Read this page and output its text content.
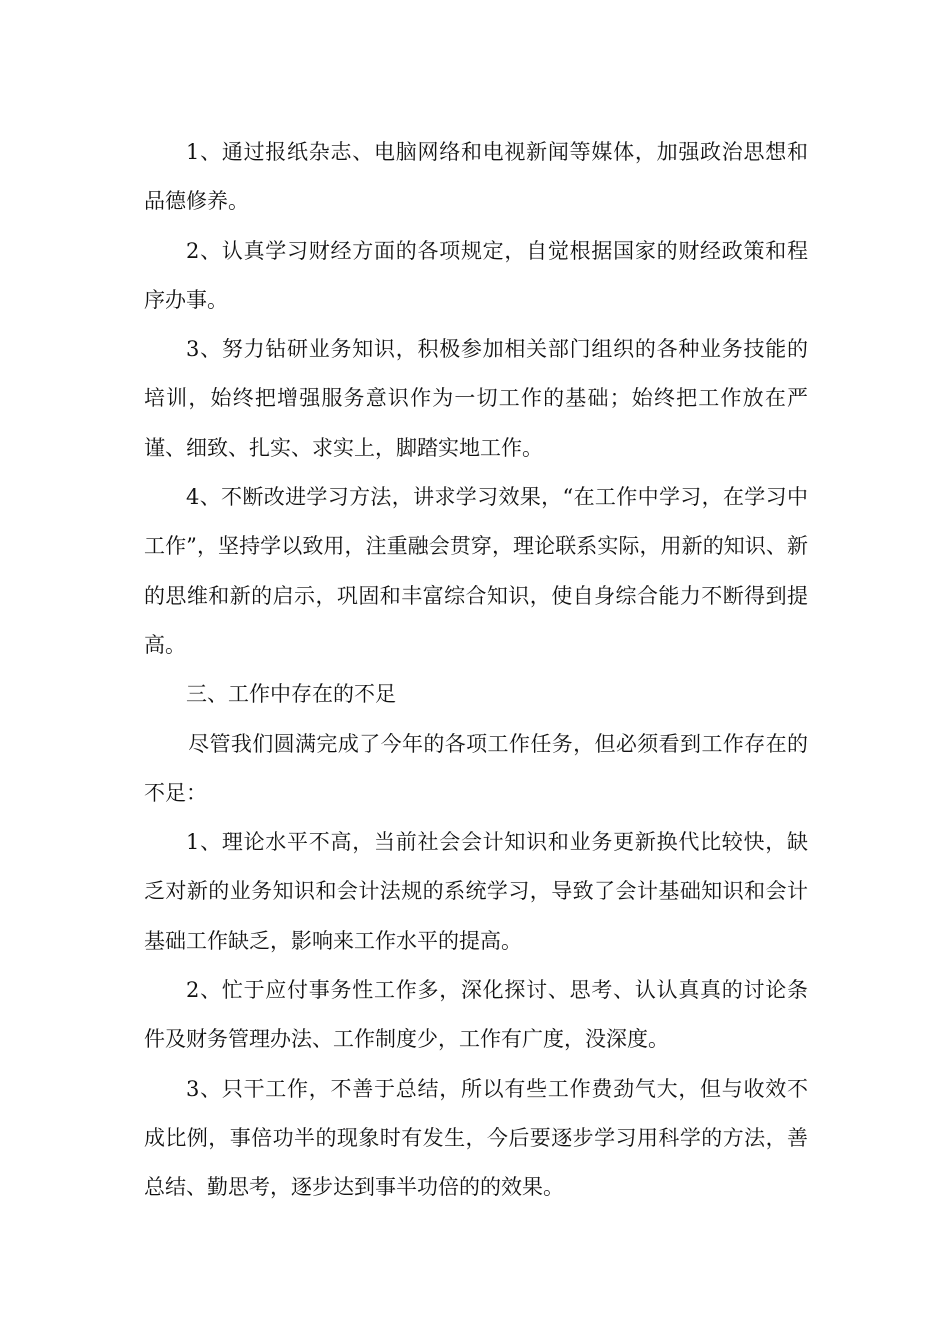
1、通过报纸杂志、电脑网络和电视新闻等媒体，加强政治思想和品德修养。

2、认真学习财经方面的各项规定，自觉根据国家的财经政策和程序办事。

3、努力钻研业务知识，积极参加相关部门组织的各种业务技能的培训，始终把增强服务意识作为一切工作的基础；始终把工作放在严谨、细致、扎实、求实上，脚踏实地工作。

4、不断改进学习方法，讲求学习效果，“在工作中学习，在学习中工作”，坚持学以致用，注重融会贯穿，理论联系实际，用新的知识、新的思维和新的启示，巩固和丰富综合知识，使自身综合能力不断得到提高。

三、工作中存在的不足

尽管我们圆满完成了今年的各项工作任务，但必须看到工作存在的不足：

1、理论水平不高，当前社会会计知识和业务更新换代比较快，缺乏对新的业务知识和会计法规的系统学习，导致了会计基础知识和会计基础工作缺乏，影响来工作水平的提高。

2、忙于应付事务性工作多，深化探讨、思考、认认真真的讨论条件及财务管理办法、工作制度少，工作有广度，没深度。

3、只干工作，不善于总结，所以有些工作费劲气大，但与收效不成比例，事倍功半的现象时有发生，今后要逐步学习用科学的方法，善总结、勤思考，逐步达到事半功倍的的效果。
